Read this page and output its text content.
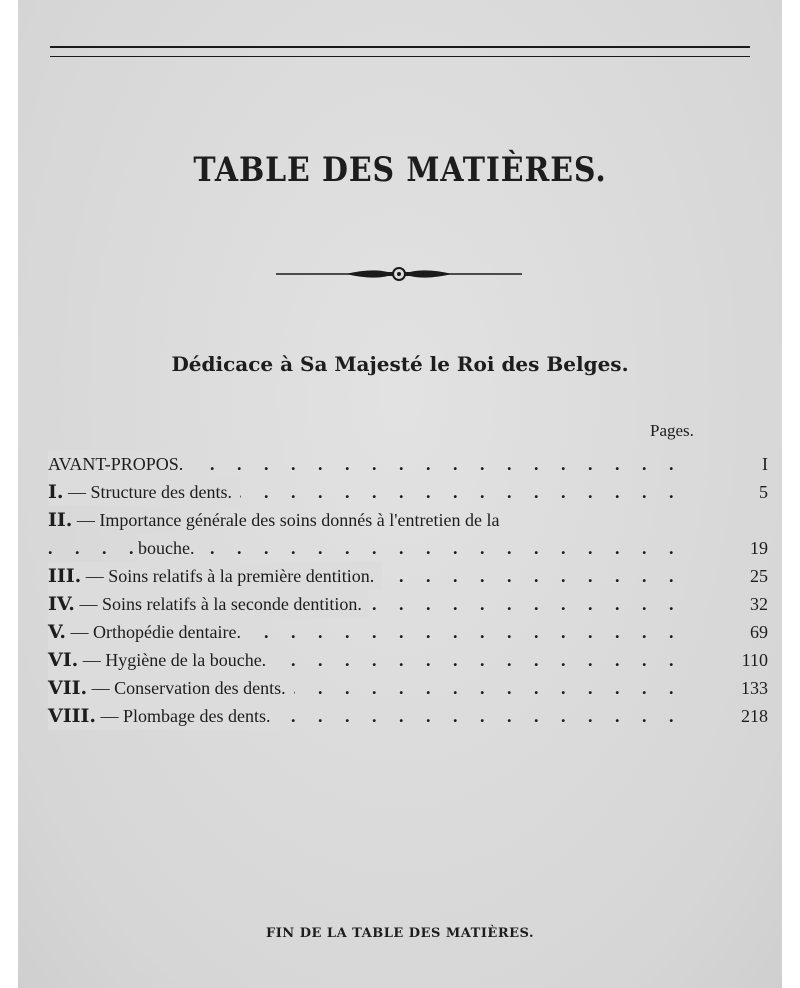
TABLE DES MATIÈRES.
Dédicace à Sa Majesté le Roi des Belges.
Pages.
. . .
AVANT-PROPOS.	I
. . .
I. — Structure des dents.	5
II. — Importance générale des soins donnés à l'entretien de la
. . .
bouche.	19
. . .
III. — Soins relatifs à la première dentition.	25
. . .
IV. — Soins relatifs à la seconde dentition.	32
. . .
V. — Orthopédie dentaire.	69
. . .
VI. — Hygiène de la bouche.	110
. . .
VII. — Conservation des dents.	133
. . .
VIII. — Plombage des dents.	218
FIN DE LA TABLE DES MATIÈRES.
